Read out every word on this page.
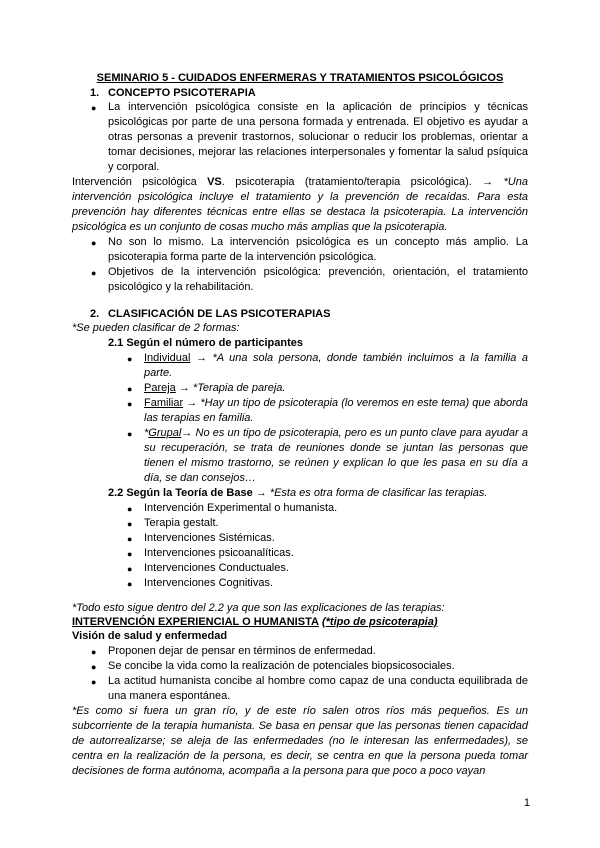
SEMINARIO 5 - CUIDADOS ENFERMERAS Y TRATAMIENTOS PSICOLÓGICOS
1. CONCEPTO PSICOTERAPIA
● La intervención psicológica consiste en la aplicación de principios y técnicas psicológicas por parte de una persona formada y entrenada. El objetivo es ayudar a otras personas a prevenir trastornos, solucionar o reducir los problemas, orientar a tomar decisiones, mejorar las relaciones interpersonales y fomentar la salud psíquica y corporal.
Intervención psicológica VS. psicoterapia (tratamiento/terapia psicológica). → *Una intervención psicológica incluye el tratamiento y la prevención de recaídas. Para esta prevención hay diferentes técnicas entre ellas se destaca la psicoterapia. La intervención psicológica es un conjunto de cosas mucho más amplias que la psicoterapia.
● No son lo mismo. La intervención psicológica es un concepto más amplio. La psicoterapia forma parte de la intervención psicológica.
● Objetivos de la intervención psicológica: prevención, orientación, el tratamiento psicológico y la rehabilitación.
2. CLASIFICACIÓN DE LAS PSICOTERAPIAS
*Se pueden clasificar de 2 formas:
2.1 Según el número de participantes
● Individual → *A una sola persona, donde también incluimos a la familia a parte.
● Pareja → *Terapia de pareja.
● Familiar → *Hay un tipo de psicoterapia (lo veremos en este tema) que aborda las terapias en familia.
● *Grupal→ No es un tipo de psicoterapia, pero es un punto clave para ayudar a su recuperación, se trata de reuniones donde se juntan las personas que tienen el mismo trastorno, se reúnen y explican lo que les pasa en su día a día, se dan consejos…
2.2 Según la Teoría de Base → *Esta es otra forma de clasificar las terapias.
● Intervención Experimental o humanista.
● Terapia gestalt.
● Intervenciones Sistémicas.
● Intervenciones psicoanalíticas.
● Intervenciones Conductuales.
● Intervenciones Cognitivas.
*Todo esto sigue dentro del 2.2 ya que son las explicaciones de las terapias:
INTERVENCIÓN EXPERIENCIAL O HUMANISTA (*tipo de psicoterapia)
Visión de salud y enfermedad
● Proponen dejar de pensar en términos de enfermedad.
● Se concibe la vida como la realización de potenciales biopsicosociales.
● La actitud humanista concibe al hombre como capaz de una conducta equilibrada de una manera espontánea.
*Es como si fuera un gran río, y de este río salen otros ríos más pequeños. Es un subcorriente de la terapia humanista. Se basa en pensar que las personas tienen capacidad de autorrealizarse; se aleja de las enfermedades (no le interesan las enfermedades), se centra en la realización de la persona, es decir, se centra en que la persona pueda tomar decisiones de forma autónoma, acompaña a la persona para que poco a poco vayan
1
